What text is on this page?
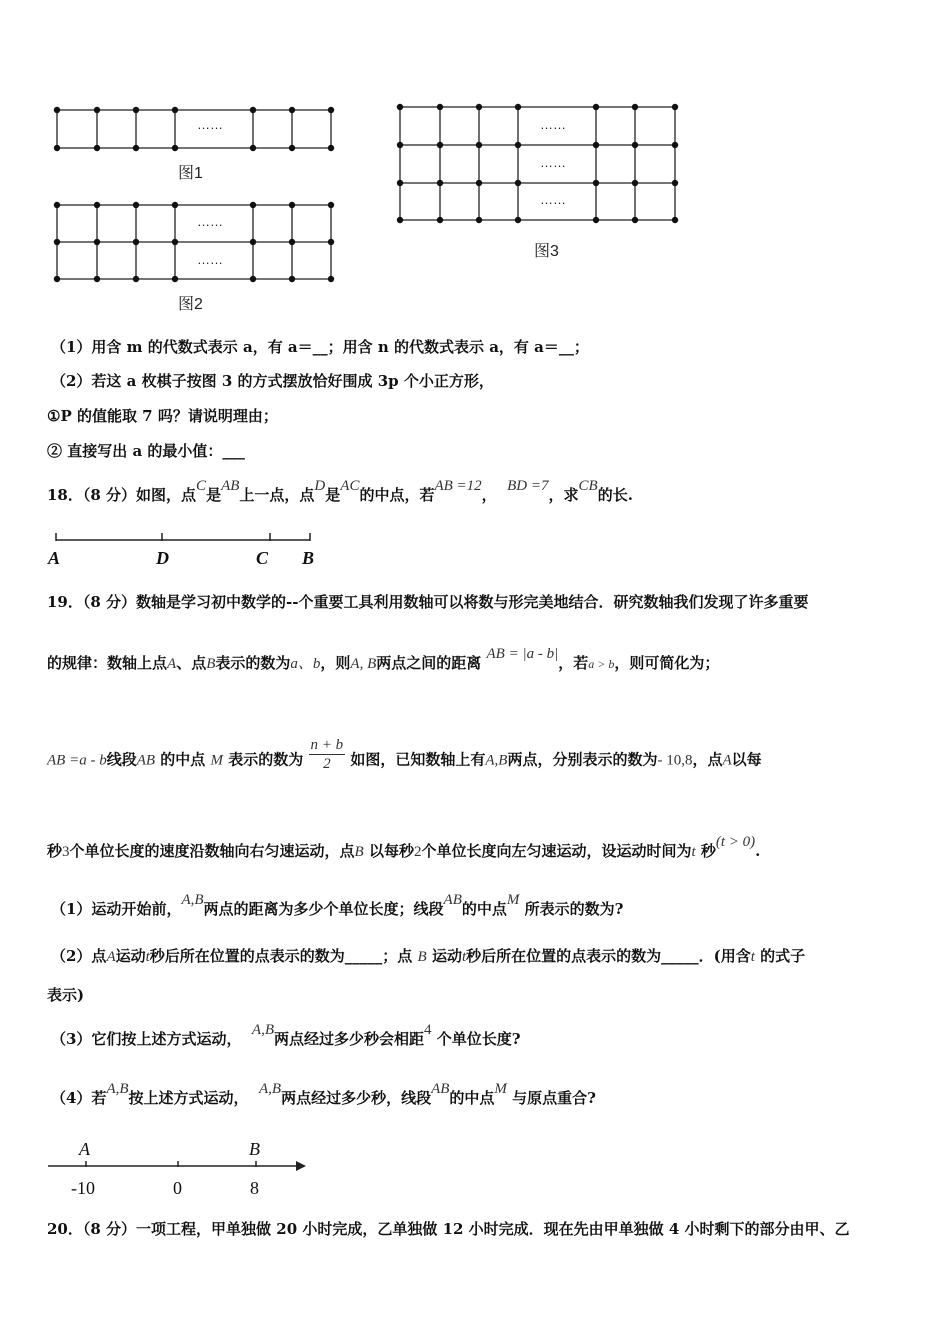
图1
图2
图3
……
……
……
……
……
……
（1）用含 m 的代数式表示 a，有 a＝__；用含 n 的代数式表示 a，有 a＝__；
（2）若这 a 枚棋子按图 3 的方式摆放恰好围成 3p 个小正方形，
①P 的值能取 7 吗？请说明理由；
② 直接写出 a 的最小值：___
18．（8 分）如图，点C是AB上一点，点D是AC的中点，若AB =12， BD =7，求CB的长.
A	D	C B
19．（8 分）数轴是学习初中数学的--个重要工具利用数轴可以将数与形完美地结合．研究数轴我们发现了许多重要
的规律：数轴上点A、点B表示的数为a、b，则A, B两点之间的距离 AB = |a - b|，若a > b，则可简化为；
AB =a - b线段AB 的中点 M 表示的数为 $\frac{n + b}{2}$ 如图，已知数轴上有A,B两点，分别表示的数为- 10,8，点A以每
秒3个单位长度的速度沿数轴向右匀速运动，点B 以每秒2个单位长度向左匀速运动，设运动时间为t 秒(t > 0).
（1）运动开始前，A,B两点的距离为多少个单位长度；线段AB的中点M 所表示的数为?
（2）点A运动t秒后所在位置的点表示的数为_____；点 B 运动t秒后所在位置的点表示的数为_____．(用含t 的式子
表示)
（3）它们按上述方式运动， A,B两点经过多少秒会相距4 个单位长度?
（4）若A,B按上述方式运动， A,B两点经过多少秒，线段AB的中点M 与原点重合?
A	B
-10	0	8
20．（8 分）一项工程，甲单独做 20 小时完成，乙单独做 12 小时完成．现在先由甲单独做 4 小时剩下的部分由甲、乙
